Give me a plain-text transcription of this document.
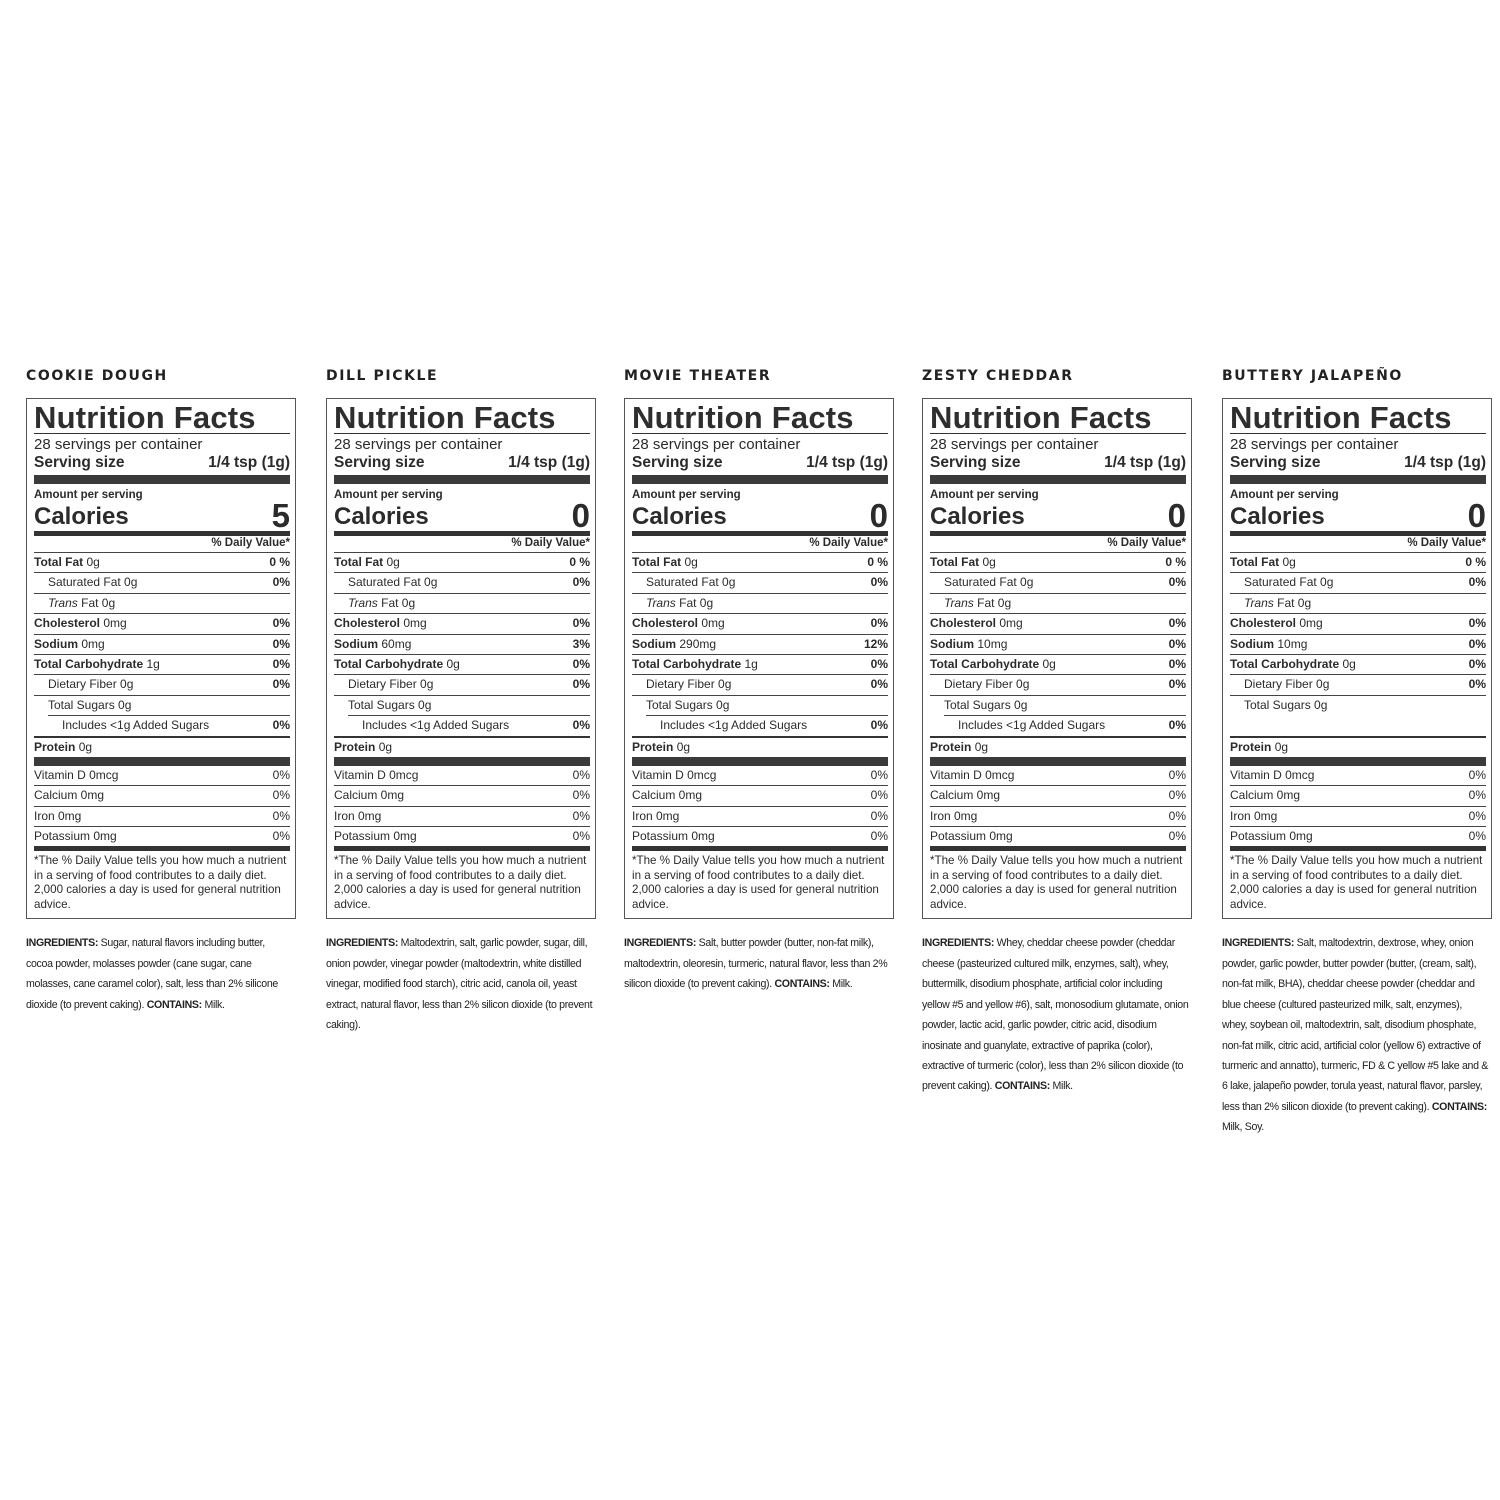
COOKIE DOUGH
Nutrition Facts
28 servings per container
Serving size	1/4 tsp (1g)
Amount per serving
Calories	5
% Daily Value*
Total Fat 0g	0 %
Saturated Fat 0g	0%
Trans Fat 0g
Cholesterol 0mg	0%
Sodium 0mg	0%
Total Carbohydrate 1g	0%
Dietary Fiber 0g	0%
Total Sugars 0g
Includes <1g Added Sugars	0%
Protein 0g
Vitamin D 0mcg	0%
Calcium 0mg	0%
Iron 0mg	0%
Potassium 0mg	0%
*The % Daily Value tells you how much a nutrient in a serving of food contributes to a daily diet. 2,000 calories a day is used for general nutrition advice.
INGREDIENTS: Sugar, natural flavors including butter, cocoa powder, molasses powder (cane sugar, cane molasses, cane caramel color), salt, less than 2% silicone dioxide (to prevent caking). CONTAINS: Milk.
DILL PICKLE
Nutrition Facts
28 servings per container
Serving size	1/4 tsp (1g)
Amount per serving
Calories	0
% Daily Value*
Total Fat 0g	0 %
Saturated Fat 0g	0%
Trans Fat 0g
Cholesterol 0mg	0%
Sodium 60mg	3%
Total Carbohydrate 0g	0%
Dietary Fiber 0g	0%
Total Sugars 0g
Includes <1g Added Sugars	0%
Protein 0g
Vitamin D 0mcg	0%
Calcium 0mg	0%
Iron 0mg	0%
Potassium 0mg	0%
*The % Daily Value tells you how much a nutrient in a serving of food contributes to a daily diet. 2,000 calories a day is used for general nutrition advice.
INGREDIENTS: Maltodextrin, salt, garlic powder, sugar, dill, onion powder, vinegar powder (maltodextrin, white distilled vinegar, modified food starch), citric acid, canola oil, yeast extract, natural flavor, less than 2% silicon dioxide (to prevent caking).
MOVIE THEATER
Nutrition Facts
28 servings per container
Serving size	1/4 tsp (1g)
Amount per serving
Calories	0
% Daily Value*
Total Fat 0g	0 %
Saturated Fat 0g	0%
Trans Fat 0g
Cholesterol 0mg	0%
Sodium 290mg	12%
Total Carbohydrate 1g	0%
Dietary Fiber 0g	0%
Total Sugars 0g
Includes <1g Added Sugars	0%
Protein 0g
Vitamin D 0mcg	0%
Calcium 0mg	0%
Iron 0mg	0%
Potassium 0mg	0%
*The % Daily Value tells you how much a nutrient in a serving of food contributes to a daily diet. 2,000 calories a day is used for general nutrition advice.
INGREDIENTS: Salt, butter powder (butter, non-fat milk), maltodextrin, oleoresin, turmeric, natural flavor, less than 2% silicon dioxide (to prevent caking). CONTAINS: Milk.
ZESTY CHEDDAR
Nutrition Facts
28 servings per container
Serving size	1/4 tsp (1g)
Amount per serving
Calories	0
% Daily Value*
Total Fat 0g	0 %
Saturated Fat 0g	0%
Trans Fat 0g
Cholesterol 0mg	0%
Sodium 10mg	0%
Total Carbohydrate 0g	0%
Dietary Fiber 0g	0%
Total Sugars 0g
Includes <1g Added Sugars	0%
Protein 0g
Vitamin D 0mcg	0%
Calcium 0mg	0%
Iron 0mg	0%
Potassium 0mg	0%
*The % Daily Value tells you how much a nutrient in a serving of food contributes to a daily diet. 2,000 calories a day is used for general nutrition advice.
INGREDIENTS: Whey, cheddar cheese powder (cheddar cheese (pasteurized cultured milk, enzymes, salt), whey, buttermilk, disodium phosphate, artificial color including yellow #5 and yellow #6), salt, monosodium glutamate, onion powder, lactic acid, garlic powder, citric acid, disodium inosinate and guanylate, extractive of paprika (color), extractive of turmeric (color), less than 2% silicon dioxide (to prevent caking). CONTAINS: Milk.
BUTTERY JALAPEÑO
Nutrition Facts
28 servings per container
Serving size	1/4 tsp (1g)
Amount per serving
Calories	0
% Daily Value*
Total Fat 0g	0 %
Saturated Fat 0g	0%
Trans Fat 0g
Cholesterol 0mg	0%
Sodium 10mg	0%
Total Carbohydrate 0g	0%
Dietary Fiber 0g	0%
Total Sugars 0g
Protein 0g
Vitamin D 0mcg	0%
Calcium 0mg	0%
Iron 0mg	0%
Potassium 0mg	0%
*The % Daily Value tells you how much a nutrient in a serving of food contributes to a daily diet. 2,000 calories a day is used for general nutrition advice.
INGREDIENTS: Salt, maltodextrin, dextrose, whey, onion powder, garlic powder, butter powder (butter, (cream, salt), non-fat milk, BHA), cheddar cheese powder (cheddar and blue cheese (cultured pasteurized milk, salt, enzymes), whey, soybean oil, maltodextrin, salt, disodium phosphate, non-fat milk, citric acid, artificial color (yellow 6) extractive of turmeric and annatto), turmeric, FD & C yellow #5 lake and & 6 lake, jalapeño powder, torula yeast, natural flavor, parsley, less than 2% silicon dioxide (to prevent caking). CONTAINS: Milk, Soy.
